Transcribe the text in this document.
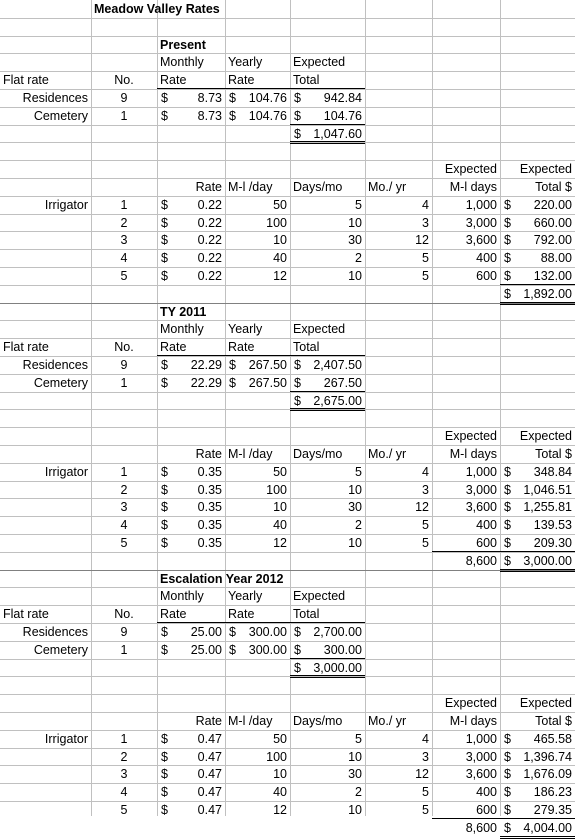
Meadow Valley Rates
Present
Monthly	Yearly	Expected
Flat rate	No.	Rate	Rate	Total
Residences	9	$	8.73 $	104.76 $	942.84
Cemetery	1	$	8.73 $	104.76 $	104.76
$ 1,047.60
Expected	Expected
Rate M-l /day	Days/mo	Mo./ yr	M-l days	Total $
Irrigator	1	$	0.22	50	5	4	1,000 $	220.00
2	$	0.22	100	10	3	3,000 $	660.00
3	$	0.22	10	30	12	3,600 $	792.00
4	$	0.22	40	2	5	400 $	88.00
5	$	0.22	12	10	5	600 $	132.00
$ 1,892.00
TY 2011
Monthly	Yearly	Expected
Flat rate	No.	Rate	Rate	Total
Residences	9	$	22.29 $	267.50 $ 2,407.50
Cemetery	1	$	22.29 $	267.50 $	267.50
$ 2,675.00
Expected	Expected
Rate M-l /day	Days/mo	Mo./ yr	M-l days	Total $
Irrigator	1	$	0.35	50	5	4	1,000 $	348.84
2	$	0.35	100	10	3	3,000 $ 1,046.51
3	$	0.35	10	30	12	3,600 $ 1,255.81
4	$	0.35	40	2	5	400 $	139.53
5	$	0.35	12	10	5	600 $	209.30
8,600 $ 3,000.00
Escalation Year 2012
Monthly	Yearly	Expected
Flat rate	No.	Rate	Rate	Total
Residences	9	$	25.00 $	300.00 $ 2,700.00
Cemetery	1	$	25.00 $	300.00 $	300.00
$ 3,000.00
Expected	Expected
Rate M-l /day	Days/mo	Mo./ yr	M-l days	Total $
Irrigator	1	$	0.47	50	5	4	1,000 $	465.58
2	$	0.47	100	10	3	3,000 $ 1,396.74
3	$	0.47	10	30	12	3,600 $ 1,676.09
4	$	0.47	40	2	5	400 $	186.23
5	$	0.47	12	10	5	600 $	279.35
8,600 $ 4,004.00
